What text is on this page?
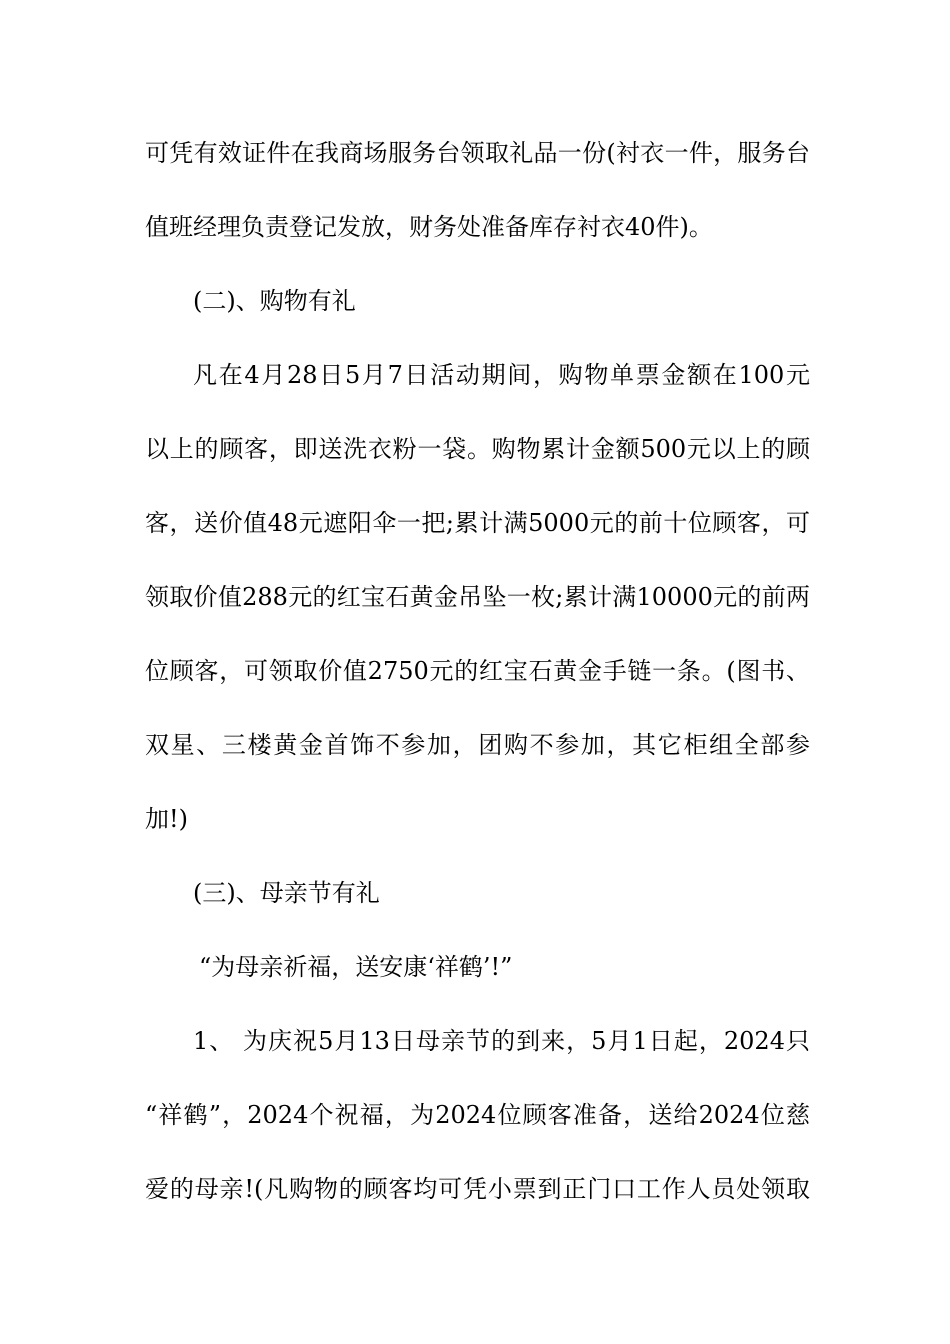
可凭有效证件在我商场服务台领取礼品一份(衬衣一件，服务台
值班经理负责登记发放，财务处准备库存衬衣40件)。
(二)、购物有礼
凡在4月28日5月7日活动期间，购物单票金额在100元
以上的顾客，即送洗衣粉一袋。购物累计金额500元以上的顾
客，送价值48元遮阳伞一把;累计满5000元的前十位顾客，可
领取价值288元的红宝石黄金吊坠一枚;累计满10000元的前两
位顾客，可领取价值2750元的红宝石黄金手链一条。(图书、
双星、三楼黄金首饰不参加，团购不参加，其它柜组全部参
加!)
(三)、母亲节有礼
“为母亲祈福，送安康‘祥鹤’!”
1、 为庆祝5月13日母亲节的到来，5月1日起，2024只
“祥鹤”，2024个祝福，为2024位顾客准备，送给2024位慈
爱的母亲!(凡购物的顾客均可凭小票到正门口工作人员处领取
